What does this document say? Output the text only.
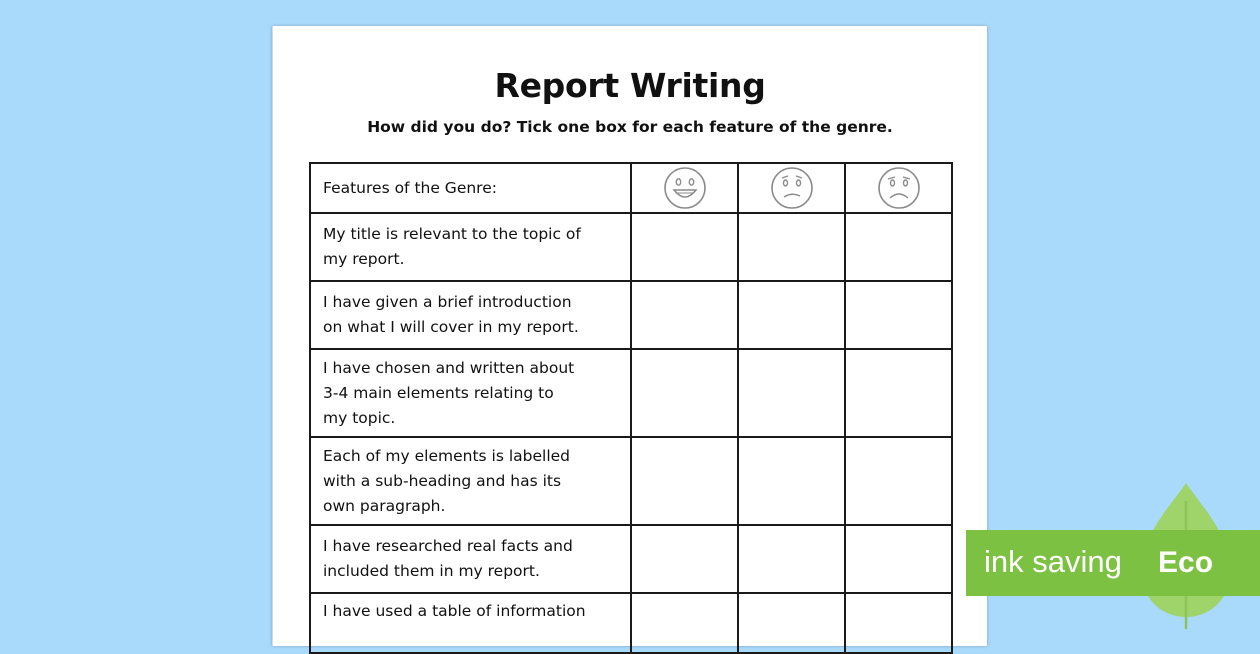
Report Writing
How did you do? Tick one box for each feature of the genre.
Features of the Genre:	

My title is relevant to the topic of
my report.			
I have given a brief introduction
on what I will cover in my report.			
I have chosen and written about
3-4 main elements relating to
my topic.			
Each of my elements is labelled
with a sub-heading and has its
own paragraph.			
I have researched real facts and
included them in my report.			
I have used a table of information			
ink saving Eco
